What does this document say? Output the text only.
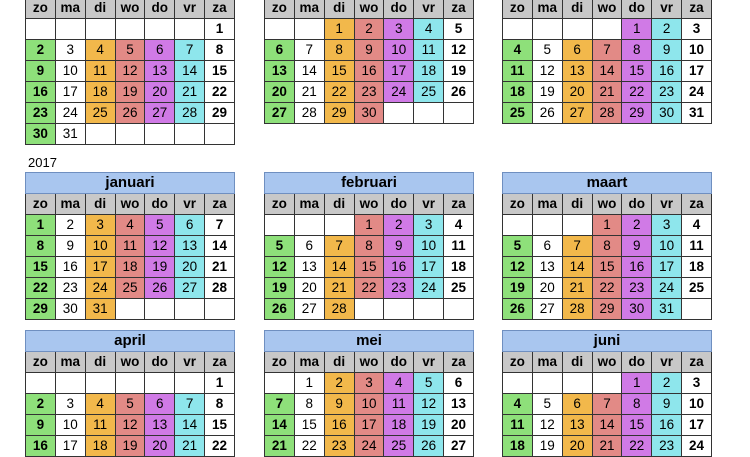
2017
zo	ma	di	wo	do	vr	za
						1
2	3	4	5	6	7	8
9	10	11	12	13	14	15
16	17	18	19	20	21	22
23	24	25	26	27	28	29
30	31					
zo	ma	di	wo	do	vr	za
		1	2	3	4	5
6	7	8	9	10	11	12
13	14	15	16	17	18	19
20	21	22	23	24	25	26
27	28	29	30			
zo	ma	di	wo	do	vr	za
				1	2	3
4	5	6	7	8	9	10
11	12	13	14	15	16	17
18	19	20	21	22	23	24
25	26	27	28	29	30	31
januari						
zo	ma	di	wo	do	vr	za
1	2	3	4	5	6	7
8	9	10	11	12	13	14
15	16	17	18	19	20	21
22	23	24	25	26	27	28
29	30	31				
februari						
zo	ma	di	wo	do	vr	za
			1	2	3	4
5	6	7	8	9	10	11
12	13	14	15	16	17	18
19	20	21	22	23	24	25
26	27	28				
maart						
zo	ma	di	wo	do	vr	za
			1	2	3	4
5	6	7	8	9	10	11
12	13	14	15	16	17	18
19	20	21	22	23	24	25
26	27	28	29	30	31	
april						
zo	ma	di	wo	do	vr	za
						1
2	3	4	5	6	7	8
9	10	11	12	13	14	15
16	17	18	19	20	21	22
mei						
zo	ma	di	wo	do	vr	za
	1	2	3	4	5	6
7	8	9	10	11	12	13
14	15	16	17	18	19	20
21	22	23	24	25	26	27
juni						
zo	ma	di	wo	do	vr	za
				1	2	3
4	5	6	7	8	9	10
11	12	13	14	15	16	17
18	19	20	21	22	23	24
